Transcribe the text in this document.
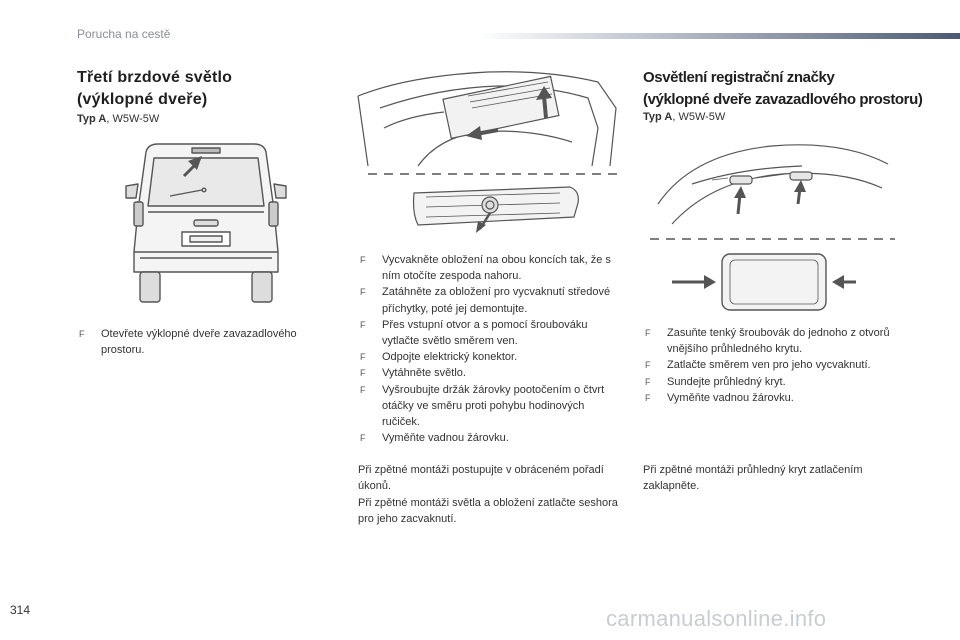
Porucha na cestě
Třetí brzdové světlo
(výklopné dveře)
Typ A, W5W-5W
F Otevřete výklopné dveře zavazadlového prostoru.
F Vycvakněte obložení na obou koncích tak, že s ním otočíte zespoda nahoru.
F Zatáhněte za obložení pro vycvaknutí středové příchytky, poté jej demontujte.
F Přes vstupní otvor a s pomocí šroubováku vytlačte světlo směrem ven.
F Odpojte elektrický konektor.
F Vytáhněte světlo.
F Vyšroubujte držák žárovky pootočením o čtvrt otáčky ve směru proti pohybu hodinových ručiček.
F Vyměňte vadnou žárovku.

Při zpětné montáži postupujte v obráceném pořadí úkonů.

Při zpětné montáži světla a obložení zatlačte seshora pro jeho zacvaknutí.

Osvětlení registrační značky
(výklopné dveře zavazadlového prostoru)
Typ A, W5W-5W
F Zasuňte tenký šroubovák do jednoho z otvorů vnějšího průhledného krytu.
F Zatlačte směrem ven pro jeho vycvaknutí.
F Sundejte průhledný kryt.
F Vyměňte vadnou žárovku.

Při zpětné montáži průhledný kryt zatlačením zaklapněte.

314	carmanualsonline.info
